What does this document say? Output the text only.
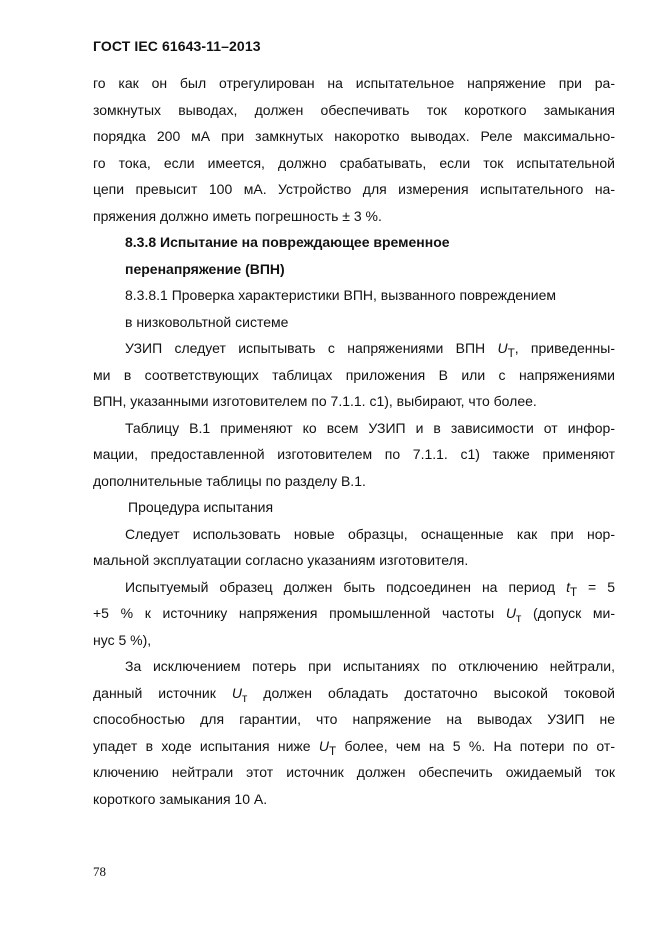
ГОСТ IEC 61643-11–2013
го как он был отрегулирован на испытательное напряжение при ра-
зомкнутых выводах, должен обеспечивать ток короткого замыкания
порядка 200 мА при замкнутых накоротко выводах. Реле максимально-
го тока, если имеется, должно срабатывать, если ток испытательной
цепи превысит 100 мА. Устройство для измерения испытательного на-
пряжения должно иметь погрешность ± 3 %.
8.3.8 Испытание на повреждающее временное
перенапряжение (ВПН)
8.3.8.1 Проверка характеристики ВПН, вызванного повреждением
в низковольтной системе
УЗИП следует испытывать с напряжениями ВПН $U_Т$, приведенны-
ми в соответствующих таблицах приложения В или с напряжениями
ВПН, указанными изготовителем по 7.1.1. с1), выбирают, что более.
Таблицу В.1 применяют ко всем УЗИП и в зависимости от инфор-
мации, предоставленной изготовителем по 7.1.1. с1) также применяют
дополнительные таблицы по разделу В.1.
Процедура испытания
Следует использовать новые образцы, оснащенные как при нор-
мальной эксплуатации согласно указаниям изготовителя.
Испытуемый образец должен быть подсоединен на период $t_Т = 5$
+5 % к источнику напряжения промышленной частоты $U_т$ (допуск ми-
нус 5 %),
За исключением потерь при испытаниях по отключению нейтрали,
данный источник $U_т$ должен обладать достаточно высокой токовой
способностью для гарантии, что напряжение на выводах УЗИП не
упадет в ходе испытания ниже $U_Т$ более, чем на 5 %. На потери по от-
ключению нейтрали этот источник должен обеспечить ожидаемый ток
короткого замыкания 10 А.
78
